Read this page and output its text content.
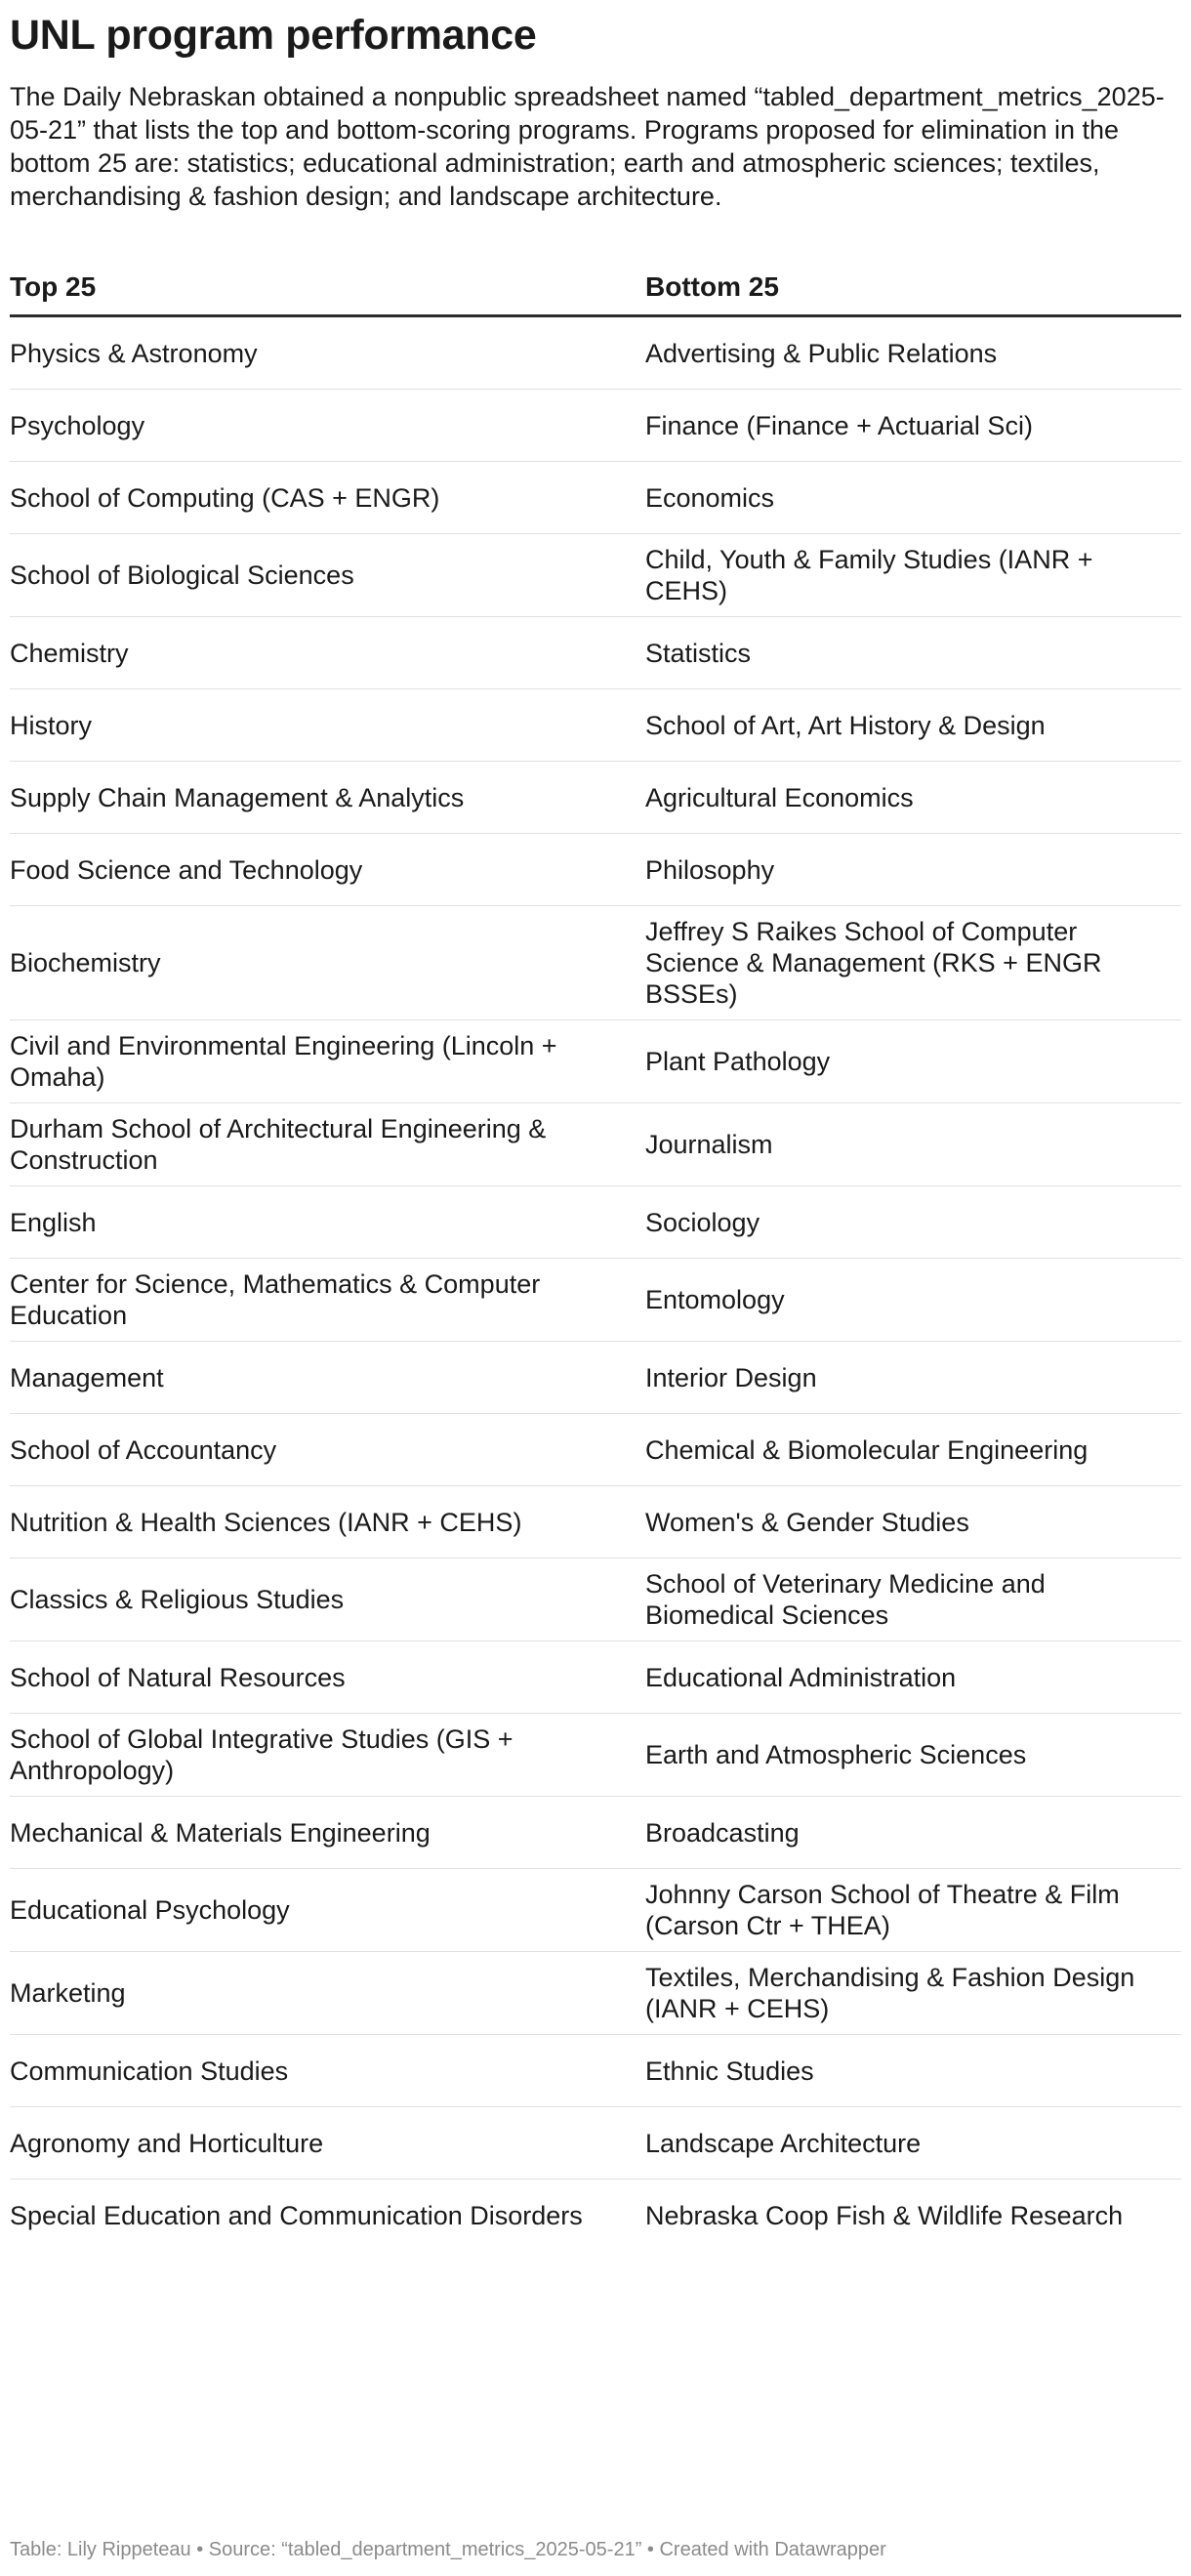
UNL program performance

The Daily Nebraskan obtained a nonpublic spreadsheet named “tabled_department_metrics_2025-05-21” that lists the top and bottom-scoring programs. Programs proposed for elimination in the bottom 25 are: statistics; educational administration; earth and atmospheric sciences; textiles, merchandising & fashion design; and landscape architecture.

Top 25	Bottom 25
Physics & Astronomy	Advertising & Public Relations
Psychology	Finance (Finance + Actuarial Sci)
School of Computing (CAS + ENGR)	Economics
School of Biological Sciences	Child, Youth & Family Studies (IANR + CEHS)
Chemistry	Statistics
History	School of Art, Art History & Design
Supply Chain Management & Analytics	Agricultural Economics
Food Science and Technology	Philosophy
Biochemistry	Jeffrey S Raikes School of Computer Science & Management (RKS + ENGR BSSEs)
Civil and Environmental Engineering (Lincoln + Omaha)	Plant Pathology
Durham School of Architectural Engineering & Construction	Journalism
English	Sociology
Center for Science, Mathematics & Computer Education	Entomology
Management	Interior Design
School of Accountancy	Chemical & Biomolecular Engineering
Nutrition & Health Sciences (IANR + CEHS)	Women's & Gender Studies
Classics & Religious Studies	School of Veterinary Medicine and Biomedical Sciences
School of Natural Resources	Educational Administration
School of Global Integrative Studies (GIS + Anthropology)	Earth and Atmospheric Sciences
Mechanical & Materials Engineering	Broadcasting
Educational Psychology	Johnny Carson School of Theatre & Film (Carson Ctr + THEA)
Marketing	Textiles, Merchandising & Fashion Design (IANR + CEHS)
Communication Studies	Ethnic Studies
Agronomy and Horticulture	Landscape Architecture
Special Education and Communication Disorders	Nebraska Coop Fish & Wildlife Research
Table: Lily Rippeteau • Source: “tabled_department_metrics_2025-05-21” • Created with Datawrapper
